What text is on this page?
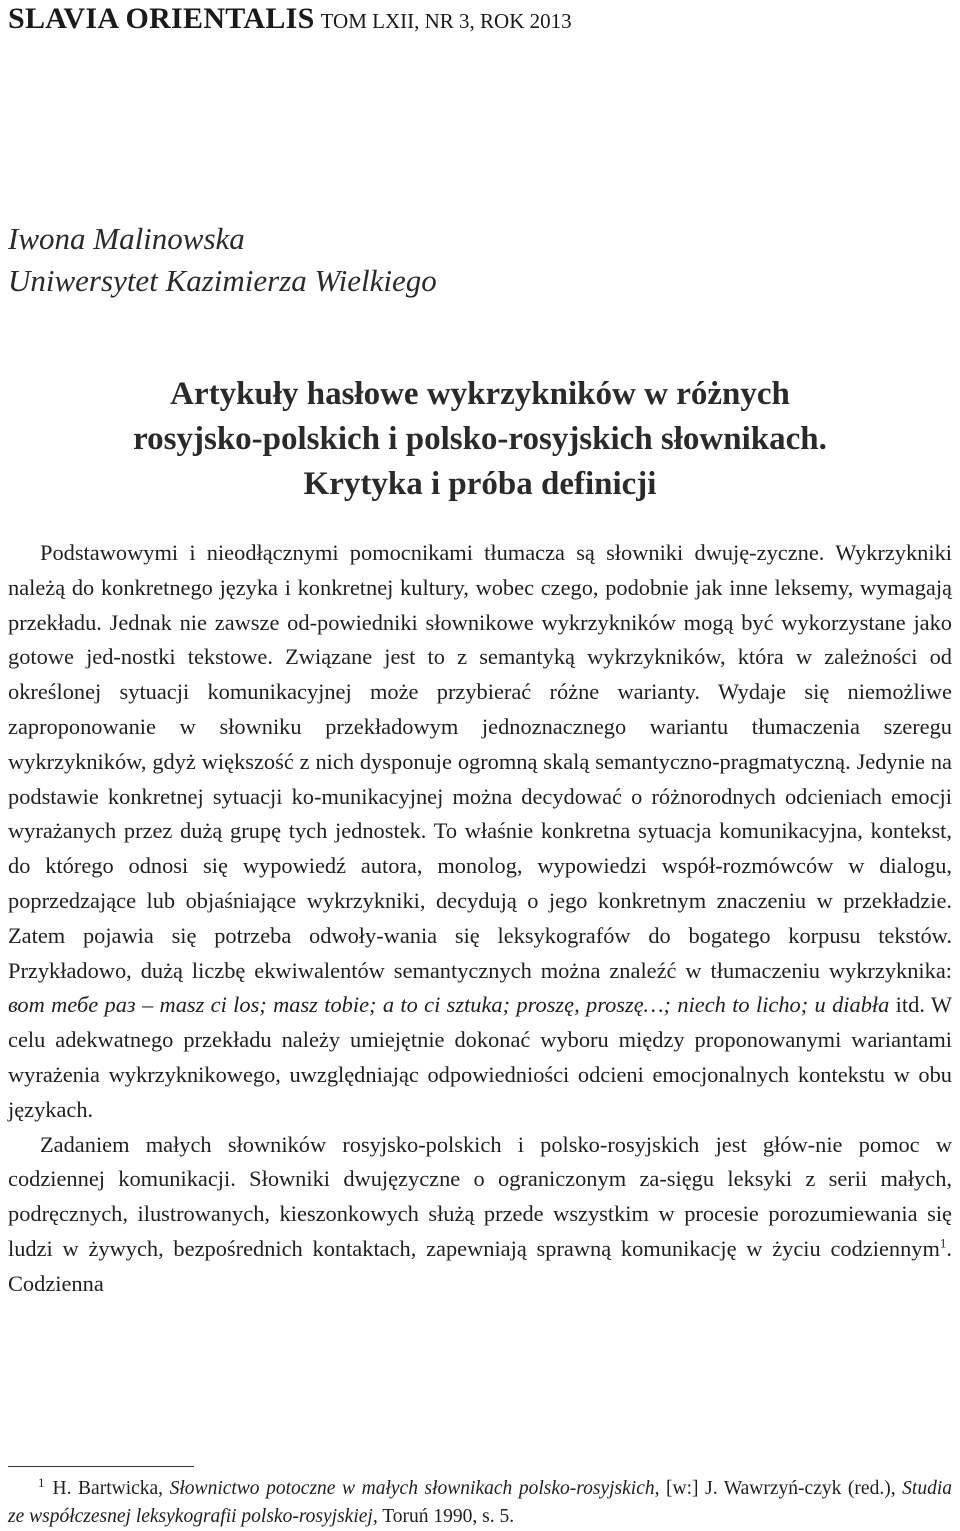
SLAVIA ORIENTALIS TOM LXII, NR 3, ROK 2013
Iwona Malinowska
Uniwersytet Kazimierza Wielkiego
Artykuły hasłowe wykrzykników w różnych
rosyjsko-polskich i polsko-rosyjskich słownikach.
Krytyka i próba definicji

Podstawowymi i nieodłącznymi pomocnikami tłumacza są słowniki dwuję-zyczne. Wykrzykniki należą do konkretnego języka i konkretnej kultury, wobec czego, podobnie jak inne leksemy, wymagają przekładu. Jednak nie zawsze od-powiedniki słownikowe wykrzykników mogą być wykorzystane jako gotowe jed-nostki tekstowe. Związane jest to z semantyką wykrzykników, która w zależności od określonej sytuacji komunikacyjnej może przybierać różne warianty. Wydaje się niemożliwe zaproponowanie w słowniku przekładowym jednoznacznego wariantu tłumaczenia szeregu wykrzykników, gdyż większość z nich dysponuje ogromną skalą semantyczno-pragmatyczną. Jedynie na podstawie konkretnej sytuacji ko-munikacyjnej można decydować o różnorodnych odcieniach emocji wyrażanych przez dużą grupę tych jednostek. To właśnie konkretna sytuacja komunikacyjna, kontekst, do którego odnosi się wypowiedź autora, monolog, wypowiedzi współ-rozmówców w dialogu, poprzedzające lub objaśniające wykrzykniki, decydują o jego konkretnym znaczeniu w przekładzie. Zatem pojawia się potrzeba odwoły-wania się leksykografów do bogatego korpusu tekstów. Przykładowo, dużą liczbę ekwiwalentów semantycznych można znaleźć w tłumaczeniu wykrzyknika: вот тебе раз – masz ci los; masz tobie; a to ci sztuka; proszę, proszę…; niech to licho; u diabła itd. W celu adekwatnego przekładu należy umiejętnie dokonać wyboru między proponowanymi wariantami wyrażenia wykrzyknikowego, uwzględniając odpowiedniości odcieni emocjonalnych kontekstu w obu językach.

Zadaniem małych słowników rosyjsko-polskich i polsko-rosyjskich jest głów-nie pomoc w codziennej komunikacji. Słowniki dwujęzyczne o ograniczonym za-sięgu leksyki z serii małych, podręcznych, ilustrowanych, kieszonkowych służą przede wszystkim w procesie porozumiewania się ludzi w żywych, bezpośrednich kontaktach, zapewniają sprawną komunikację w życiu codziennym$^1$. Codzienna

$^1$ H. Bartwicka, Słownictwo potoczne w małych słownikach polsko-rosyjskich, [w:] J. Wawrzyń-czyk (red.), Studia ze współczesnej leksykografii polsko-rosyjskiej, Toruń 1990, s. 5.
